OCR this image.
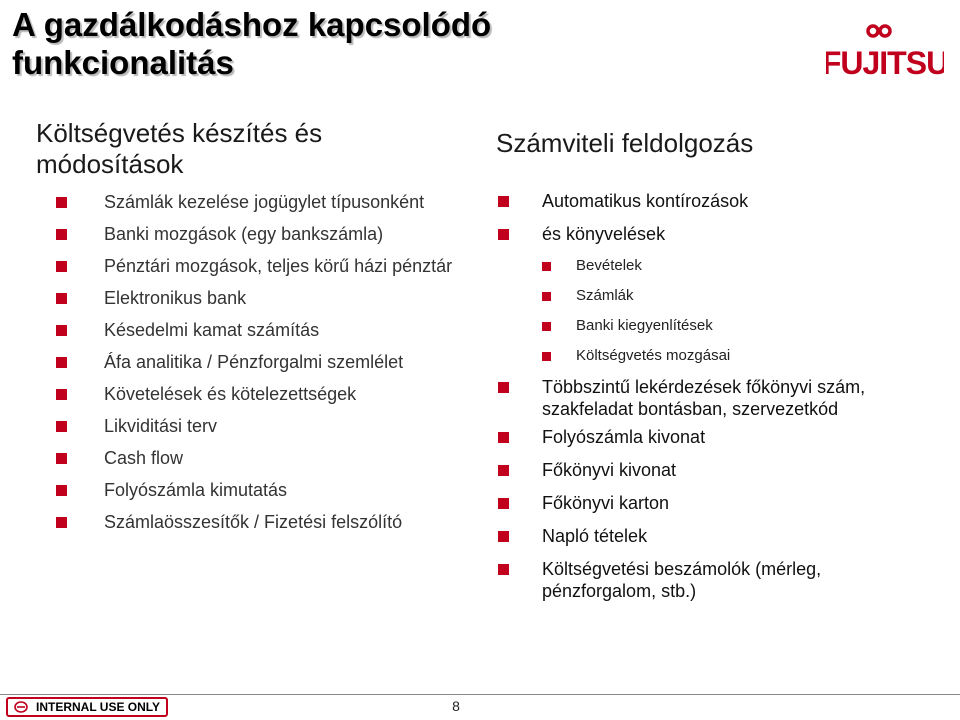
A gazdálkodáshoz kapcsolódó
funkcionalitás	FUJITSU
Költségvetés készítés és módosítások
Számlák kezelése jogügylet típusonként
Banki mozgások (egy bankszámla)
Pénztári mozgások, teljes körű házi pénztár
Elektronikus bank
Késedelmi kamat számítás
Áfa analitika / Pénzforgalmi szemlélet
Követelések és kötelezettségek
Likviditási terv
Cash flow
Folyószámla kimutatás
Számlaösszesítők / Fizetési felszólító
Számviteli feldolgozás
Automatikus kontírozások
és könyvelések
Bevételek
Számlák
Banki kiegyenlítések
Költségvetés mozgásai
Többszintű lekérdezések főkönyvi szám, szakfeladat bontásban, szervezetkód
Folyószámla kivonat
Főkönyvi kivonat
Főkönyvi karton
Napló tételek
Költségvetési beszámolók (mérleg, pénzforgalom, stb.)
INTERNAL USE ONLY	8
